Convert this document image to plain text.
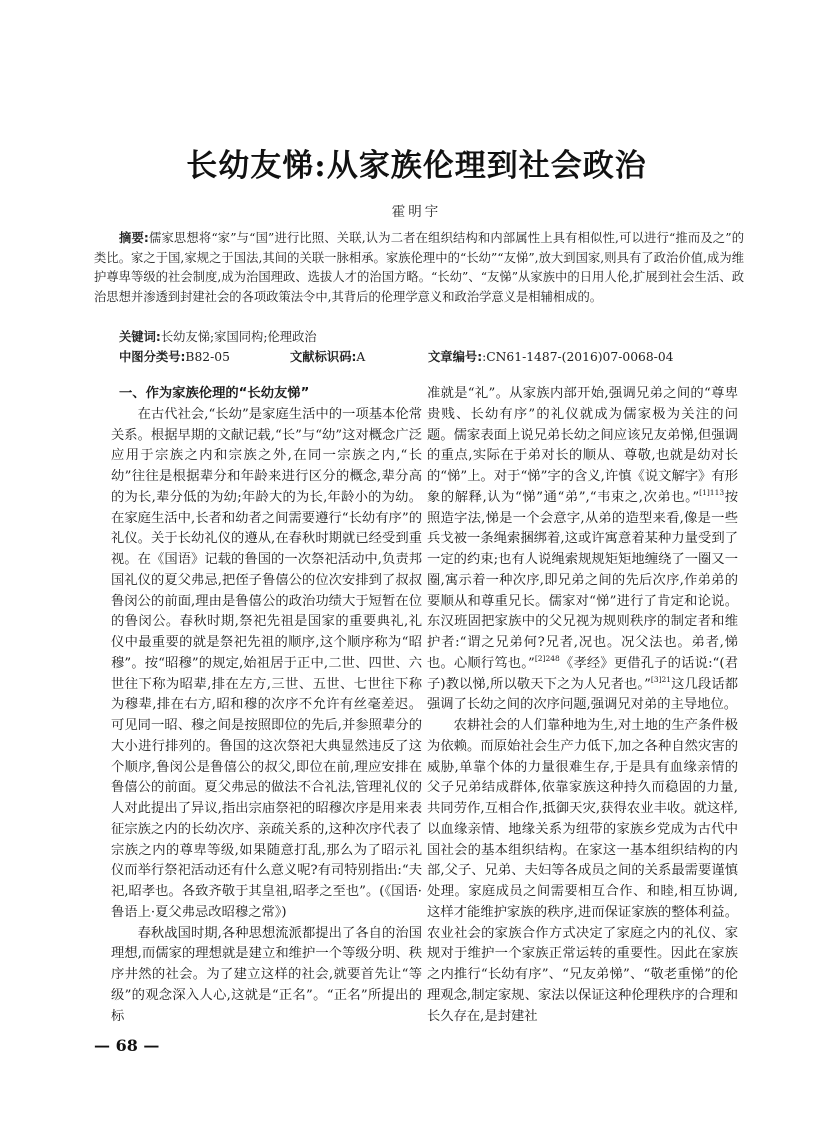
长幼友悌:从家族伦理到社会政治
霍明宇
摘要:儒家思想将“家”与“国”进行比照、关联,认为二者在组织结构和内部属性上具有相似性,可以进行“推而及之”的类比。家之于国,家规之于国法,其间的关联一脉相承。家族伦理中的“长幼”“友悌”,放大到国家,则具有了政治价值,成为维护尊卑等级的社会制度,成为治国理政、选拔人才的治国方略。“长幼”、“友悌”从家族中的日用人伦,扩展到社会生活、政治思想并渗透到封建社会的各项政策法令中,其背后的伦理学意义和政治学意义是相辅相成的。
关键词:长幼友悌;家国同构;伦理政治
中图分类号:B82-05	文献标识码:A	文章编号::CN61-1487-(2016)07-0068-04
一、作为家族伦理的“长幼友悌”

在古代社会,“长幼”是家庭生活中的一项基本伦常关系。根据早期的文献记载,“长”与“幼”这对概念广泛应用于宗族之内和宗族之外,在同一宗族之内,“长幼”往往是根据辈分和年龄来进行区分的概念,辈分高的为长,辈分低的为幼;年龄大的为长,年龄小的为幼。在家庭生活中,长者和幼者之间需要遵行“长幼有序”的礼仪。关于长幼礼仪的遵从,在春秋时期就已经受到重视。在《国语》记载的鲁国的一次祭祀活动中,负责邦国礼仪的夏父弗忌,把侄子鲁僖公的位次安排到了叔叔鲁闵公的前面,理由是鲁僖公的政治功绩大于短暂在位的鲁闵公。春秋时期,祭祀先祖是国家的重要典礼,礼仪中最重要的就是祭祀先祖的顺序,这个顺序称为“昭穆”。按“昭穆”的规定,始祖居于正中,二世、四世、六世往下称为昭辈,排在左方,三世、五世、七世往下称为穆辈,排在右方,昭和穆的次序不允许有丝毫差迟。可见同一昭、穆之间是按照即位的先后,并参照辈分的大小进行排列的。鲁国的这次祭祀大典显然违反了这个顺序,鲁闵公是鲁僖公的叔父,即位在前,理应安排在鲁僖公的前面。夏父弗忌的做法不合礼法,管理礼仪的人对此提出了异议,指出宗庙祭祀的昭穆次序是用来表征宗族之内的长幼次序、亲疏关系的,这种次序代表了宗族之内的尊卑等级,如果随意打乱,那么为了昭示礼仪而举行祭祀活动还有什么意义呢?有司特别指出:“夫祀,昭孝也。各致齐敬于其皇祖,昭孝之至也”。(《国语·鲁语上·夏父弗忌改昭穆之常》)

春秋战国时期,各种思想流派都提出了各自的治国理想,而儒家的理想就是建立和维护一个等级分明、秩序井然的社会。为了建立这样的社会,就要首先让“等级”的观念深入人心,这就是“正名”。“正名”所提出的标

准就是“礼”。从家族内部开始,强调兄弟之间的“尊卑贵贱、长幼有序”的礼仪就成为儒家极为关注的问题。儒家表面上说兄弟长幼之间应该兄友弟悌,但强调的重点,实际在于弟对长的顺从、尊敬,也就是幼对长的“悌”上。对于“悌”字的含义,许慎《说文解字》有形象的解释,认为“悌”通“弟”,“韦束之,次弟也。”$^{[1]113}$按照造字法,悌是一个会意字,从弟的造型来看,像是一些兵戈被一条绳索捆绑着,这或许寓意着某种力量受到了一定的约束;也有人说绳索规规矩矩地缠绕了一圈又一圈,寓示着一种次序,即兄弟之间的先后次序,作弟弟的要顺从和尊重兄长。儒家对“悌”进行了肯定和论说。东汉班固把家族中的父兄视为规则秩序的制定者和维护者:“谓之兄弟何?兄者,况也。况父法也。弟者,悌也。心顺行笃也。”$^{[2]248}$《孝经》更借孔子的话说:“(君子)教以悌,所以敬天下之为人兄者也。”$^{[3]21}$这几段话都强调了长幼之间的次序问题,强调兄对弟的主导地位。

农耕社会的人们靠种地为生,对土地的生产条件极为依赖。而原始社会生产力低下,加之各种自然灾害的威胁,单靠个体的力量很难生存,于是具有血缘亲情的父子兄弟结成群体,依靠家族这种持久而稳固的力量,共同劳作,互相合作,抵御天灾,获得农业丰收。就这样,以血缘亲情、地缘关系为纽带的家族乡党成为古代中国社会的基本组织结构。在家这一基本组织结构的内部,父子、兄弟、夫妇等各成员之间的关系最需要谨慎处理。家庭成员之间需要相互合作、和睦,相互协调,这样才能维护家族的秩序,进而保证家族的整体利益。农业社会的家族合作方式决定了家庭之内的礼仪、家规对于维护一个家族正常运转的重要性。因此在家族之内推行“长幼有序”、“兄友弟悌”、“敬老重悌”的伦理观念,制定家规、家法以保证这种伦理秩序的合理和长久存在,是封建社

— 68 —
